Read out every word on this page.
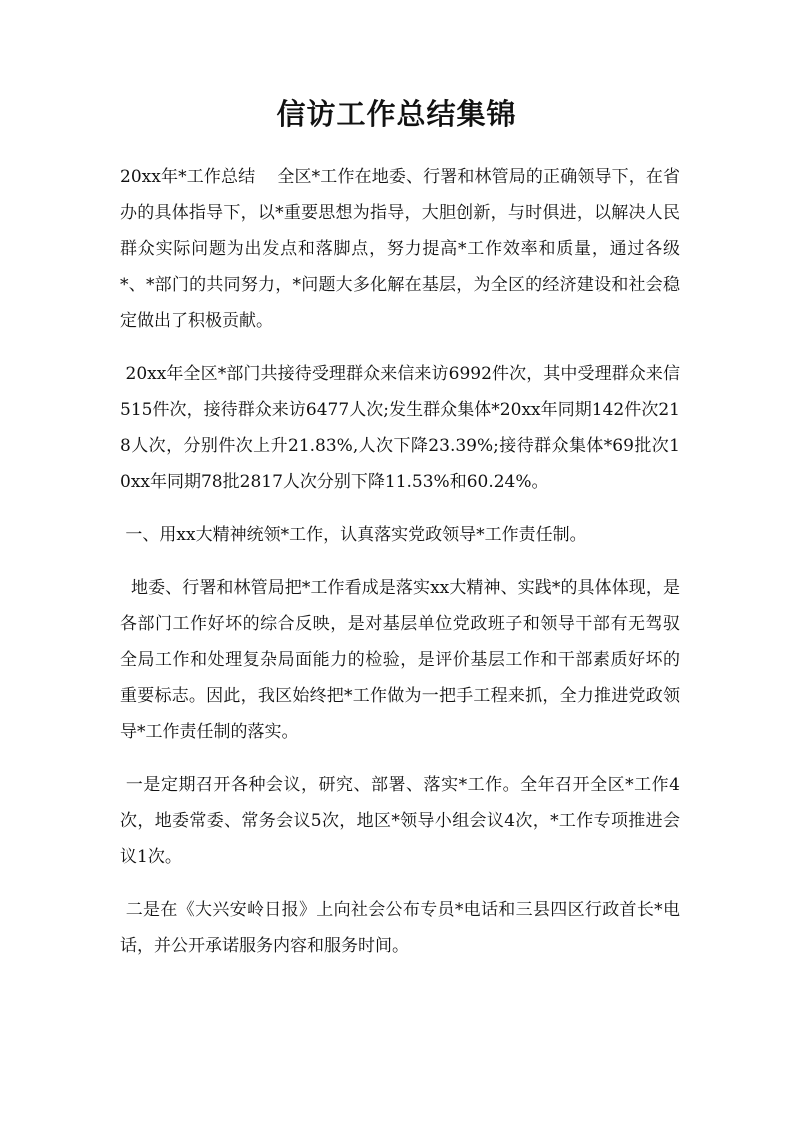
信访工作总结集锦

20xx年*工作总结    全区*工作在地委、行署和林管局的正确领导下，在省办的具体指导下，以*重要思想为指导，大胆创新，与时俱进，以解决人民群众实际问题为出发点和落脚点，努力提高*工作效率和质量，通过各级*、*部门的共同努力，*问题大多化解在基层，为全区的经济建设和社会稳定做出了积极贡献。

20xx年全区*部门共接待受理群众来信来访6992件次，其中受理群众来信515件次，接待群众来访6477人次;发生群众集体*20xx年同期142件次218人次，分别件次上升21.83%,人次下降23.39%;接待群众集体*69批次10xx年同期78批2817人次分别下降11.53%和60.24%。

一、用xx大精神统领*工作，认真落实党政领导*工作责任制。

地委、行署和林管局把*工作看成是落实xx大精神、实践*的具体体现，是各部门工作好坏的综合反映，是对基层单位党政班子和领导干部有无驾驭全局工作和处理复杂局面能力的检验，是评价基层工作和干部素质好坏的重要标志。因此，我区始终把*工作做为一把手工程来抓，全力推进党政领导*工作责任制的落实。

一是定期召开各种会议，研究、部署、落实*工作。全年召开全区*工作4次，地委常委、常务会议5次，地区*领导小组会议4次，*工作专项推进会议1次。

二是在《大兴安岭日报》上向社会公布专员*电话和三县四区行政首长*电话，并公开承诺服务内容和服务时间。
